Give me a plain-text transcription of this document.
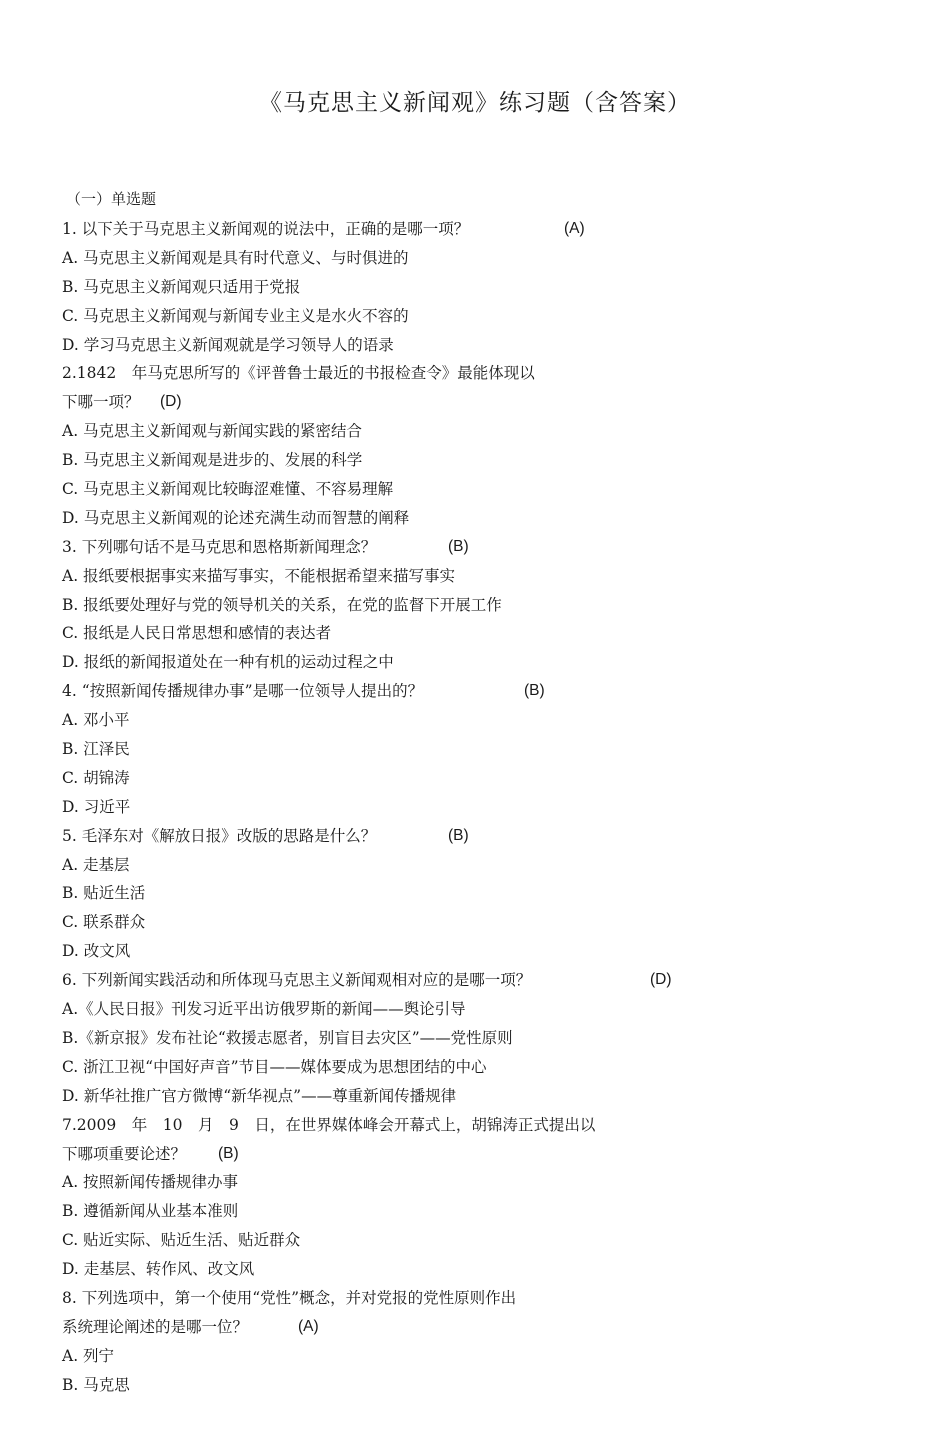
《马克思主义新闻观》练习题（含答案）
（一）单选题
1. 以下关于马克思主义新闻观的说法中，正确的是哪一项？	(A)
A. 马克思主义新闻观是具有时代意义、与时俱进的
B. 马克思主义新闻观只适用于党报
C. 马克思主义新闻观与新闻专业主义是水火不容的
D. 学习马克思主义新闻观就是学习领导人的语录
2.1842　年马克思所写的《评普鲁士最近的书报检查令》最能体现以
下哪一项？ (D)
A. 马克思主义新闻观与新闻实践的紧密结合
B. 马克思主义新闻观是进步的、发展的科学
C. 马克思主义新闻观比较晦涩难懂、不容易理解
D. 马克思主义新闻观的论述充满生动而智慧的阐释
3. 下列哪句话不是马克思和恩格斯新闻理念？	(B)
A. 报纸要根据事实来描写事实，不能根据希望来描写事实
B. 报纸要处理好与党的领导机关的关系，在党的监督下开展工作
C. 报纸是人民日常思想和感情的表达者
D. 报纸的新闻报道处在一种有机的运动过程之中
4. “按照新闻传播规律办事”是哪一位领导人提出的？	(B)
A. 邓小平
B. 江泽民
C. 胡锦涛
D. 习近平
5. 毛泽东对《解放日报》改版的思路是什么？	(B)
A. 走基层
B. 贴近生活
C. 联系群众
D. 改文风
6. 下列新闻实践活动和所体现马克思主义新闻观相对应的是哪一项？	(D)
A.《人民日报》刊发习近平出访俄罗斯的新闻——舆论引导
B.《新京报》发布社论“救援志愿者，别盲目去灾区”——党性原则
C. 浙江卫视“中国好声音”节目——媒体要成为思想团结的中心
D. 新华社推广官方微博“新华视点”——尊重新闻传播规律
7.2009　年　10　月　9　日，在世界媒体峰会开幕式上，胡锦涛正式提出以
下哪项重要论述？ (B)
A. 按照新闻传播规律办事
B. 遵循新闻从业基本准则
C. 贴近实际、贴近生活、贴近群众
D. 走基层、转作风、改文风
8. 下列选项中，第一个使用“党性”概念，并对党报的党性原则作出
系统理论阐述的是哪一位？	(A)
A. 列宁
B. 马克思
